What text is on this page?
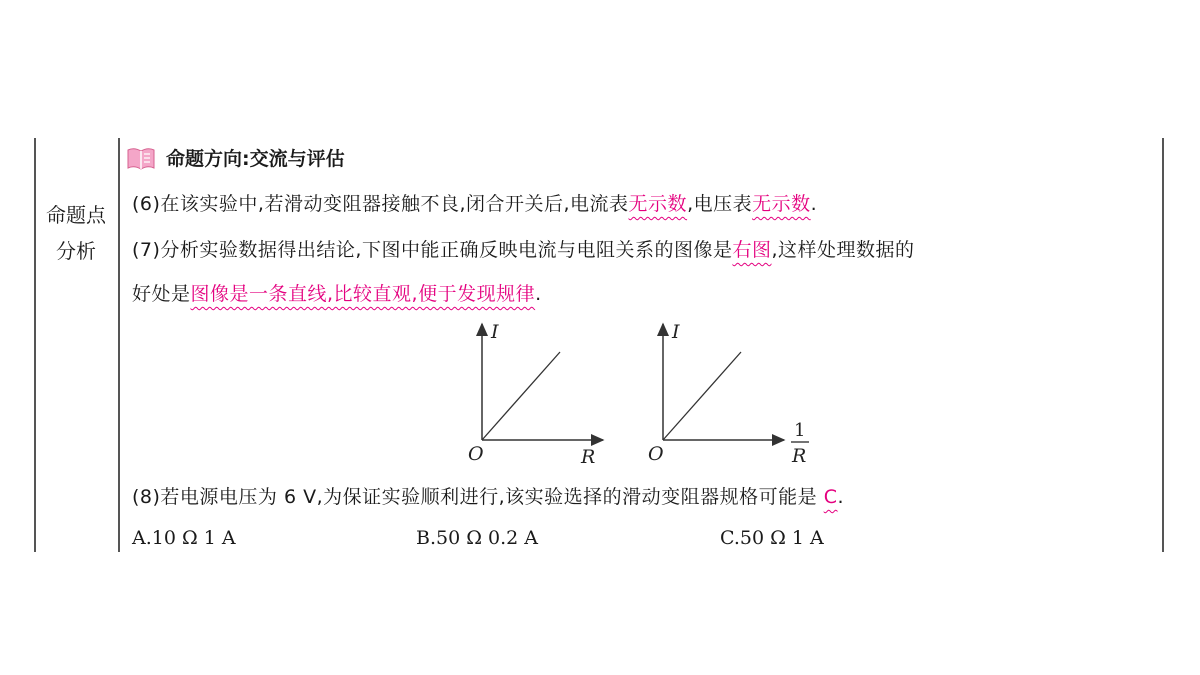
命题点
分析
命题方向:交流与评估
(6)在该实验中,若滑动变阻器接触不良,闭合开关后,电流表无示数,电压表无示数.
(7)分析实验数据得出结论,下图中能正确反映电流与电阻关系的图像是右图,这样处理数据的
好处是图像是一条直线,比较直观,便于发现规律.
I
R
O
I
1
R
O
(8)若电源电压为 6 V,为保证实验顺利进行,该实验选择的滑动变阻器规格可能是 C.
A.10 Ω 1 A	B.50 Ω 0.2 A	C.50 Ω 1 A
